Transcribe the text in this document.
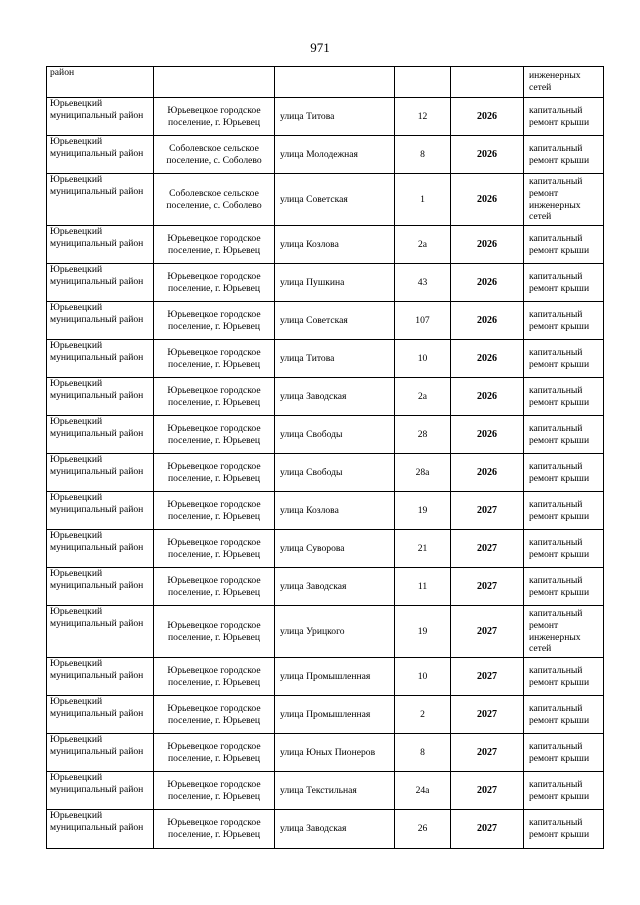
971
район					инженерных сетей
Юрьевецкий муниципальный район	Юрьевецкое городское поселение, г. Юрьевец	улица Титова	12	2026	капитальный ремонт крыши
Юрьевецкий муниципальный район	Соболевское сельское поселение, с. Соболево	улица Молодежная	8	2026	капитальный ремонт крыши
Юрьевецкий муниципальный район	Соболевское сельское поселение, с. Соболево	улица Советская	1	2026	капитальный ремонт инженерных сетей
Юрьевецкий муниципальный район	Юрьевецкое городское поселение, г. Юрьевец	улица Козлова	2а	2026	капитальный ремонт крыши
Юрьевецкий муниципальный район	Юрьевецкое городское поселение, г. Юрьевец	улица Пушкина	43	2026	капитальный ремонт крыши
Юрьевецкий муниципальный район	Юрьевецкое городское поселение, г. Юрьевец	улица Советская	107	2026	капитальный ремонт крыши
Юрьевецкий муниципальный район	Юрьевецкое городское поселение, г. Юрьевец	улица Титова	10	2026	капитальный ремонт крыши
Юрьевецкий муниципальный район	Юрьевецкое городское поселение, г. Юрьевец	улица Заводская	2а	2026	капитальный ремонт крыши
Юрьевецкий муниципальный район	Юрьевецкое городское поселение, г. Юрьевец	улица Свободы	28	2026	капитальный ремонт крыши
Юрьевецкий муниципальный район	Юрьевецкое городское поселение, г. Юрьевец	улица Свободы	28а	2026	капитальный ремонт крыши
Юрьевецкий муниципальный район	Юрьевецкое городское поселение, г. Юрьевец	улица Козлова	19	2027	капитальный ремонт крыши
Юрьевецкий муниципальный район	Юрьевецкое городское поселение, г. Юрьевец	улица Суворова	21	2027	капитальный ремонт крыши
Юрьевецкий муниципальный район	Юрьевецкое городское поселение, г. Юрьевец	улица Заводская	11	2027	капитальный ремонт крыши
Юрьевецкий муниципальный район	Юрьевецкое городское поселение, г. Юрьевец	улица Урицкого	19	2027	капитальный ремонт инженерных сетей
Юрьевецкий муниципальный район	Юрьевецкое городское поселение, г. Юрьевец	улица Промышленная	10	2027	капитальный ремонт крыши
Юрьевецкий муниципальный район	Юрьевецкое городское поселение, г. Юрьевец	улица Промышленная	2	2027	капитальный ремонт крыши
Юрьевецкий муниципальный район	Юрьевецкое городское поселение, г. Юрьевец	улица Юных Пионеров	8	2027	капитальный ремонт крыши
Юрьевецкий муниципальный район	Юрьевецкое городское поселение, г. Юрьевец	улица Текстильная	24а	2027	капитальный ремонт крыши
Юрьевецкий муниципальный район	Юрьевецкое городское поселение, г. Юрьевец	улица Заводская	26	2027	капитальный ремонт крыши
